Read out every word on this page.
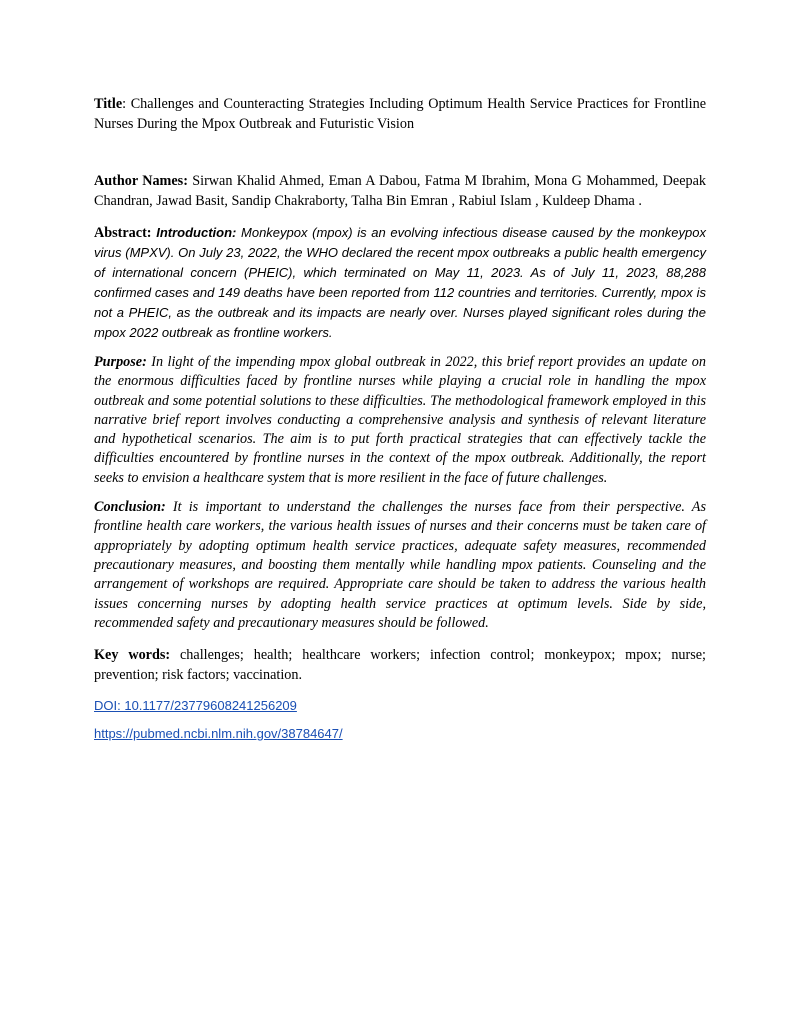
Title: Challenges and Counteracting Strategies Including Optimum Health Service Practices for Frontline Nurses During the Mpox Outbreak and Futuristic Vision

Author Names: Sirwan Khalid Ahmed, Eman A Dabou, Fatma M Ibrahim, Mona G Mohammed, Deepak Chandran, Jawad Basit, Sandip Chakraborty, Talha Bin Emran , Rabiul Islam , Kuldeep Dhama .

Abstract: Introduction: Monkeypox (mpox) is an evolving infectious disease caused by the monkeypox virus (MPXV). On July 23, 2022, the WHO declared the recent mpox outbreaks a public health emergency of international concern (PHEIC), which terminated on May 11, 2023. As of July 11, 2023, 88,288 confirmed cases and 149 deaths have been reported from 112 countries and territories. Currently, mpox is not a PHEIC, as the outbreak and its impacts are nearly over. Nurses played significant roles during the mpox 2022 outbreak as frontline workers.

Purpose: In light of the impending mpox global outbreak in 2022, this brief report provides an update on the enormous difficulties faced by frontline nurses while playing a crucial role in handling the mpox outbreak and some potential solutions to these difficulties. The methodological framework employed in this narrative brief report involves conducting a comprehensive analysis and synthesis of relevant literature and hypothetical scenarios. The aim is to put forth practical strategies that can effectively tackle the difficulties encountered by frontline nurses in the context of the mpox outbreak. Additionally, the report seeks to envision a healthcare system that is more resilient in the face of future challenges.

Conclusion: It is important to understand the challenges the nurses face from their perspective. As frontline health care workers, the various health issues of nurses and their concerns must be taken care of appropriately by adopting optimum health service practices, adequate safety measures, recommended precautionary measures, and boosting them mentally while handling mpox patients. Counseling and the arrangement of workshops are required. Appropriate care should be taken to address the various health issues concerning nurses by adopting health service practices at optimum levels. Side by side, recommended safety and precautionary measures should be followed.

Key words: challenges; health; healthcare workers; infection control; monkeypox; mpox; nurse; prevention; risk factors; vaccination.

DOI: 10.1177/23779608241256209

https://pubmed.ncbi.nlm.nih.gov/38784647/
